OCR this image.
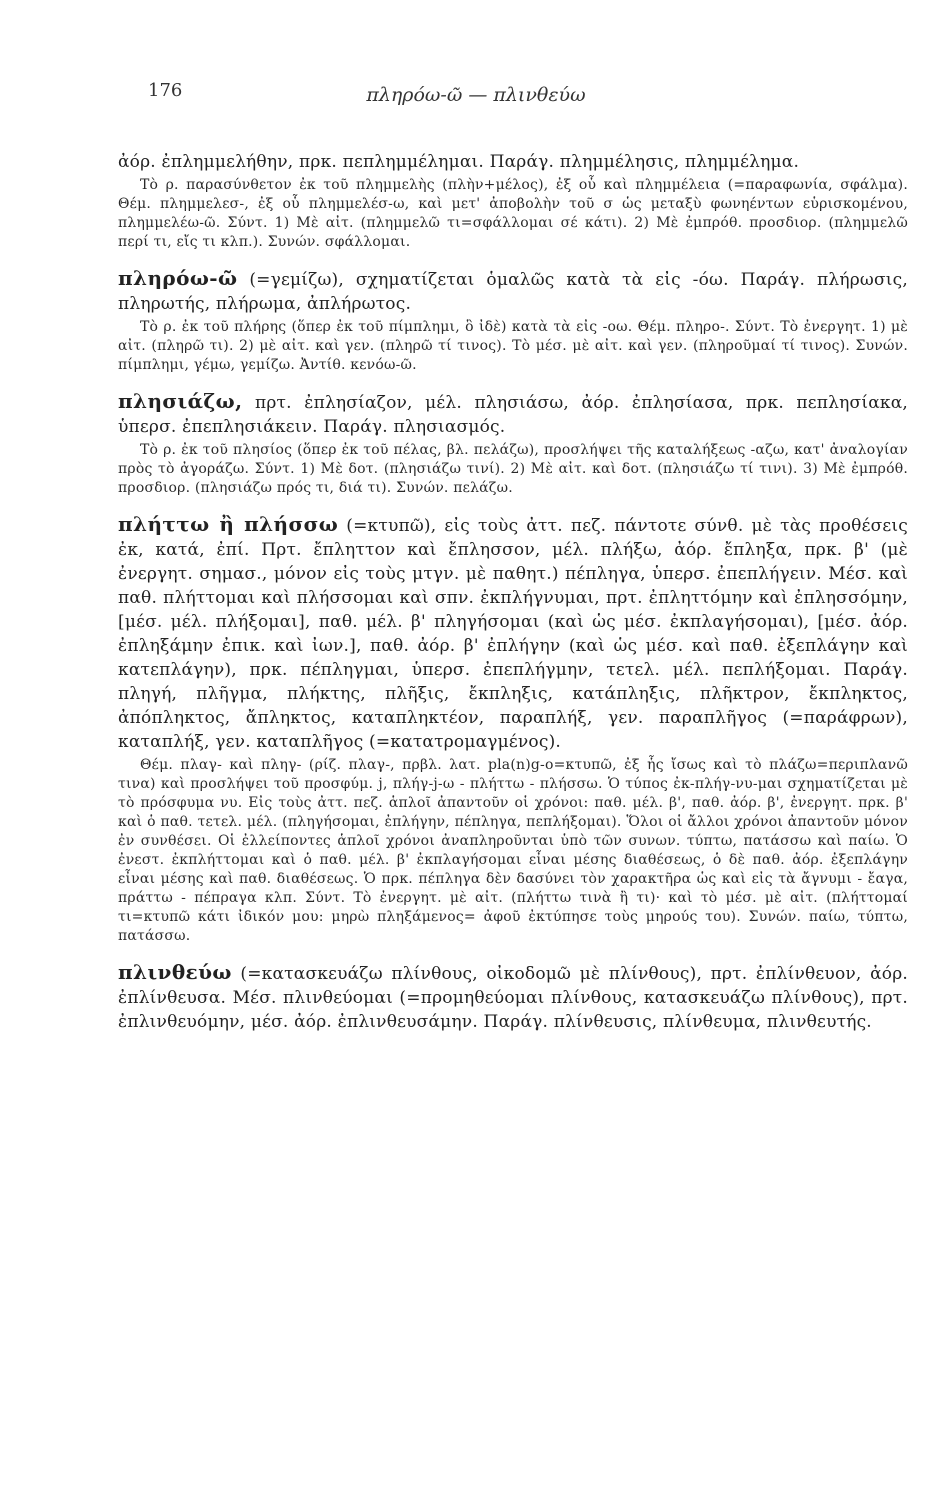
176	πληρόω-ῶ — πλινθεύω

ἀόρ. ἐπλημμελήθην, πρκ. πεπλημμέλημαι. Παράγ. πλημμέλησις, πλημμέλημα.

Τὸ ρ. παρασύνθετον ἐκ τοῦ πλημμελὴς (πλὴν+μέλος), ἐξ οὗ καὶ πλημμέλεια (=παραφωνία, σφάλμα). Θέμ. πλημμελεσ-, ἐξ οὗ πλημμελέσ-ω, καὶ μετ' ἀποβολὴν τοῦ σ ὡς μεταξὺ φωνηέντων εὑρισκομένου, πλημμελέω-ῶ. Σύντ. 1) Μὲ αἰτ. (πλημμελῶ τι=σφάλλομαι σέ κάτι). 2) Μὲ ἐμπρόθ. προσδιορ. (πλημμελῶ περί τι, εἴς τι κλπ.). Συνών. σφάλλομαι.

πληρόω-ῶ (=γεμίζω), σχηματίζεται ὁμαλῶς κατὰ τὰ εἰς -όω. Παράγ. πλήρωσις, πληρωτής, πλήρωμα, ἀπλήρωτος.

Τὸ ρ. ἐκ τοῦ πλήρης (ὅπερ ἐκ τοῦ πίμπλημι, ὃ ἰδὲ) κατὰ τὰ εἰς -οω. Θέμ. πληρο-. Σύντ. Τὸ ἐνεργητ. 1) μὲ αἰτ. (πληρῶ τι). 2) μὲ αἰτ. καὶ γεν. (πληρῶ τί τινος). Τὸ μέσ. μὲ αἰτ. καὶ γεν. (πληροῦμαί τί τινος). Συνών. πίμπλημι, γέμω, γεμίζω. Ἀντίθ. κενόω-ῶ.

πλησιάζω, πρτ. ἐπλησίαζον, μέλ. πλησιάσω, ἀόρ. ἐπλησίασα, πρκ. πεπλησίακα, ὑπερσ. ἐπεπλησιάκειν. Παράγ. πλησιασμός.

Τὸ ρ. ἐκ τοῦ πλησίος (ὅπερ ἐκ τοῦ πέλας, βλ. πελάζω), προσλήψει τῆς καταλήξεως -αζω, κατ' ἀναλογίαν πρὸς τὸ ἀγοράζω. Σύντ. 1) Μὲ δοτ. (πλησιάζω τινί). 2) Μὲ αἰτ. καὶ δοτ. (πλησιάζω τί τινι). 3) Μὲ ἐμπρόθ. προσδιορ. (πλησιάζω πρός τι, διά τι). Συνών. πελάζω.

πλήττω ἢ πλήσσω (=κτυπῶ), εἰς τοὺς ἀττ. πεζ. πάντοτε σύνθ. μὲ τὰς προθέσεις ἐκ, κατά, ἐπί. Πρτ. ἔπληττον καὶ ἔπλησσον, μέλ. πλήξω, ἀόρ. ἔπληξα, πρκ. β' (μὲ ἐνεργητ. σημασ., μόνον εἰς τοὺς μτγν. μὲ παθητ.) πέπληγα, ὑπερσ. ἐπεπλήγειν. Μέσ. καὶ παθ. πλήττομαι καὶ πλήσσομαι καὶ σπν. ἐκπλήγνυμαι, πρτ. ἐπληττόμην καὶ ἐπλησσόμην, [μέσ. μέλ. πλήξομαι], παθ. μέλ. β' πληγήσομαι (καὶ ὡς μέσ. ἐκπλαγήσομαι), [μέσ. ἀόρ. ἐπληξάμην ἐπικ. καὶ ἰων.], παθ. ἀόρ. β' ἐπλήγην (καὶ ὡς μέσ. καὶ παθ. ἐξεπλάγην καὶ κατεπλάγην), πρκ. πέπληγμαι, ὑπερσ. ἐπεπλήγμην, τετελ. μέλ. πεπλήξομαι. Παράγ. πληγή, πλῆγμα, πλήκτης, πλῆξις, ἔκπληξις, κατάπληξις, πλῆκτρον, ἔκπληκτος, ἀπόπληκτος, ἄπληκτος, καταπληκτέον, παραπλήξ, γεν. παραπλῆγος (=παράφρων), καταπλήξ, γεν. καταπλῆγος (=κατατρομαγμένος).

Θέμ. πλαγ- καὶ πληγ- (ρίζ. πλαγ-, πρβλ. λατ. pla(n)g-o=κτυπῶ, ἐξ ἧς ἴσως καὶ τὸ πλάζω=περιπλανῶ τινα) καὶ προσλήψει τοῦ προσφύμ. j, πλήγ-j-ω - πλήττω - πλήσσω. Ὁ τύπος ἐκ-πλήγ-νυ-μαι σχηματίζεται μὲ τὸ πρόσφυμα νυ. Εἰς τοὺς ἀττ. πεζ. ἁπλοῖ ἀπαντοῦν οἱ χρόνοι: παθ. μέλ. β', παθ. ἀόρ. β', ἐνεργητ. πρκ. β' καὶ ὁ παθ. τετελ. μέλ. (πληγήσομαι, ἐπλήγην, πέπληγα, πεπλήξομαι). Ὅλοι οἱ ἄλλοι χρόνοι ἀπαντοῦν μόνον ἐν συνθέσει. Οἱ ἐλλείποντες ἁπλοῖ χρόνοι ἀναπληροῦνται ὑπὸ τῶν συνων. τύπτω, πατάσσω καὶ παίω. Ὁ ἐνεστ. ἐκπλήττομαι καὶ ὁ παθ. μέλ. β' ἐκπλαγήσομαι εἶναι μέσης διαθέσεως, ὁ δὲ παθ. ἀόρ. ἐξεπλάγην εἶναι μέσης καὶ παθ. διαθέσεως. Ὁ πρκ. πέπληγα δὲν δασύνει τὸν χαρακτῆρα ὡς καὶ εἰς τὰ ἄγνυμι - ἔαγα, πράττω - πέπραγα κλπ. Σύντ. Τὸ ἐνεργητ. μὲ αἰτ. (πλήττω τινὰ ἢ τι)· καὶ τὸ μέσ. μὲ αἰτ. (πλήττομαί τι=κτυπῶ κάτι ἰδικόν μου: μηρὼ πληξάμενος= ἀφοῦ ἐκτύπησε τοὺς μηρούς του). Συνών. παίω, τύπτω, πατάσσω.

πλινθεύω (=κατασκευάζω πλίνθους, οἰκοδομῶ μὲ πλίνθους), πρτ. ἐπλίνθευον, ἀόρ. ἐπλίνθευσα. Μέσ. πλινθεύομαι (=προμηθεύομαι πλίνθους, κατασκευάζω πλίνθους), πρτ. ἐπλινθευόμην, μέσ. ἀόρ. ἐπλινθευσάμην. Παράγ. πλίνθευσις, πλίνθευμα, πλινθευτής.
